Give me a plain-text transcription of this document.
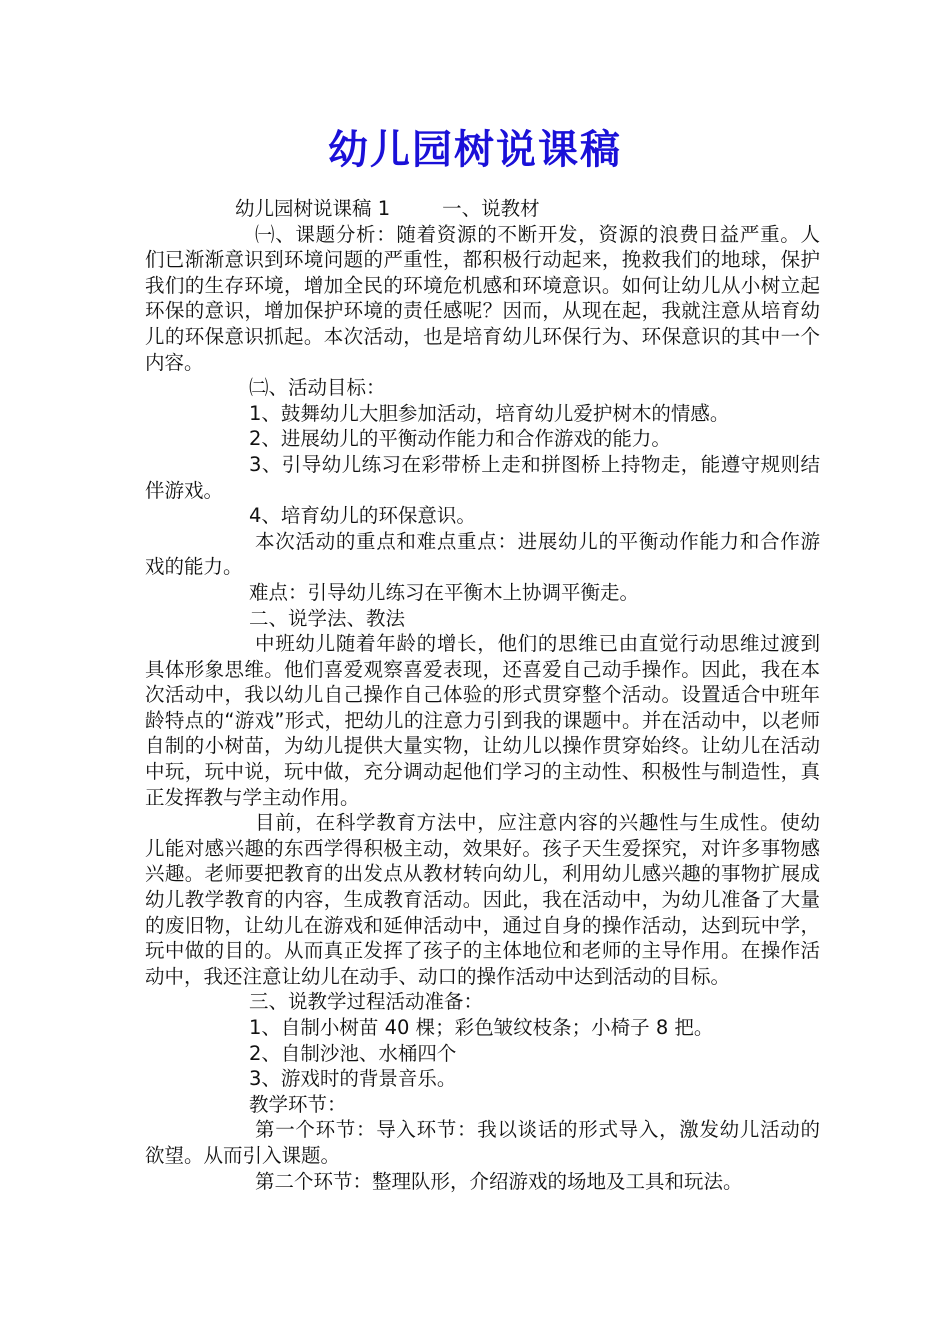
幼儿园树说课稿

幼儿园树说课稿 1	一、说教材

㈠、课题分析：随着资源的不断开发，资源的浪费日益严重。人们已渐渐意识到环境问题的严重性，都积极行动起来，挽救我们的地球，保护我们的生存环境，增加全民的环境危机感和环境意识。如何让幼儿从小树立起环保的意识，增加保护环境的责任感呢？因而，从现在起，我就注意从培育幼儿的环保意识抓起。本次活动，也是培育幼儿环保行为、环保意识的其中一个内容。

㈡、活动目标：

1、鼓舞幼儿大胆参加活动，培育幼儿爱护树木的情感。

2、进展幼儿的平衡动作能力和合作游戏的能力。

3、引导幼儿练习在彩带桥上走和拼图桥上持物走，能遵守规则结伴游戏。

4、培育幼儿的环保意识。

本次活动的重点和难点重点：进展幼儿的平衡动作能力和合作游戏的能力。

难点：引导幼儿练习在平衡木上协调平衡走。

二、说学法、教法

中班幼儿随着年龄的增长，他们的思维已由直觉行动思维过渡到具体形象思维。他们喜爱观察喜爱表现，还喜爱自己动手操作。因此，我在本次活动中，我以幼儿自己操作自己体验的形式贯穿整个活动。设置适合中班年龄特点的“游戏”形式，把幼儿的注意力引到我的课题中。并在活动中，以老师自制的小树苗，为幼儿提供大量实物，让幼儿以操作贯穿始终。让幼儿在活动中玩，玩中说，玩中做，充分调动起他们学习的主动性、积极性与制造性，真正发挥教与学主动作用。

目前，在科学教育方法中，应注意内容的兴趣性与生成性。使幼儿能对感兴趣的东西学得积极主动，效果好。孩子天生爱探究，对许多事物感兴趣。老师要把教育的出发点从教材转向幼儿，利用幼儿感兴趣的事物扩展成幼儿教学教育的内容，生成教育活动。因此，我在活动中，为幼儿准备了大量的废旧物，让幼儿在游戏和延伸活动中，通过自身的操作活动，达到玩中学，玩中做的目的。从而真正发挥了孩子的主体地位和老师的主导作用。在操作活动中，我还注意让幼儿在动手、动口的操作活动中达到活动的目标。

三、说教学过程活动准备：

1、自制小树苗 40 棵；彩色皱纹枝条；小椅子 8 把。

2、自制沙池、水桶四个

3、游戏时的背景音乐。

教学环节：

第一个环节：导入环节：我以谈话的形式导入，激发幼儿活动的欲望。从而引入课题。

第二个环节：整理队形，介绍游戏的场地及工具和玩法。
